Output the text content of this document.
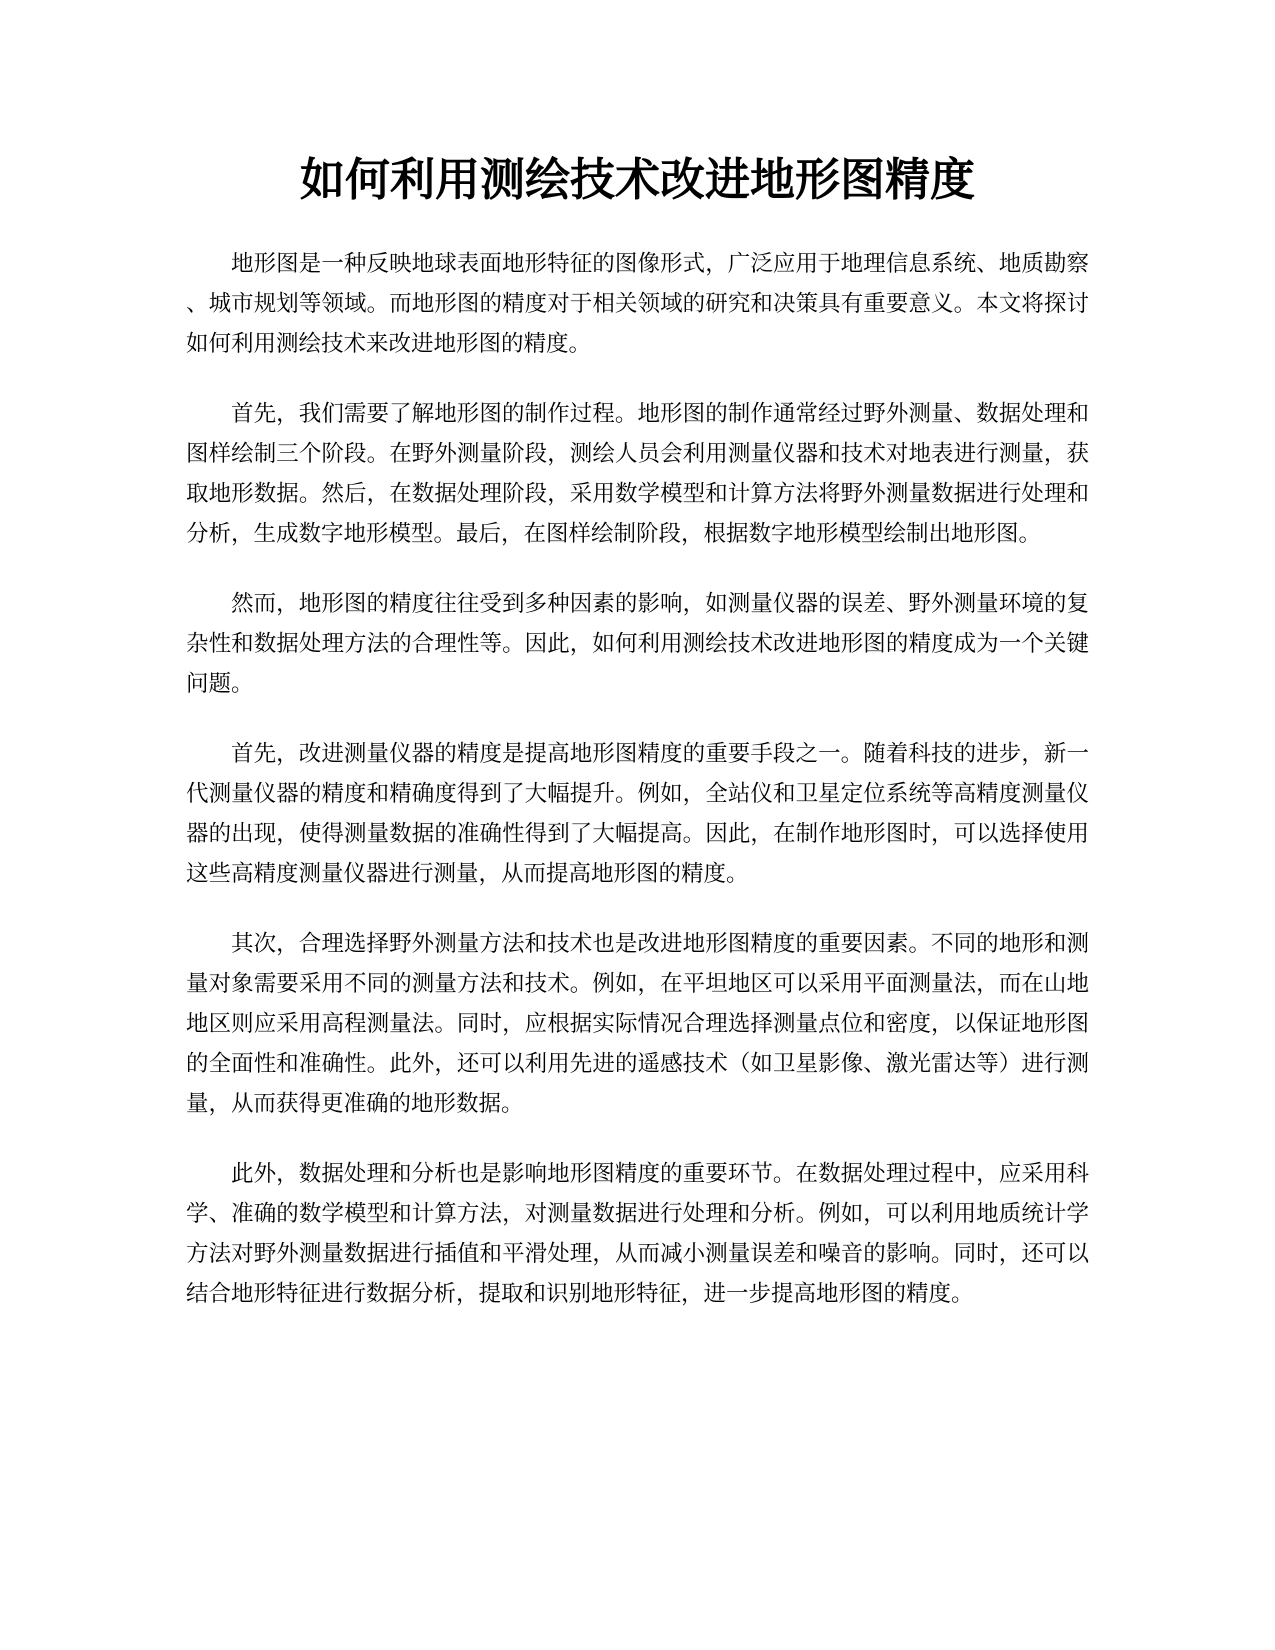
如何利用测绘技术改进地形图精度

地形图是一种反映地球表面地形特征的图像形式，广泛应用于地理信息系统、地质勘察、城市规划等领域。而地形图的精度对于相关领域的研究和决策具有重要意义。本文将探讨如何利用测绘技术来改进地形图的精度。

首先，我们需要了解地形图的制作过程。地形图的制作通常经过野外测量、数据处理和图样绘制三个阶段。在野外测量阶段，测绘人员会利用测量仪器和技术对地表进行测量，获取地形数据。然后，在数据处理阶段，采用数学模型和计算方法将野外测量数据进行处理和分析，生成数字地形模型。最后，在图样绘制阶段，根据数字地形模型绘制出地形图。

然而，地形图的精度往往受到多种因素的影响，如测量仪器的误差、野外测量环境的复杂性和数据处理方法的合理性等。因此，如何利用测绘技术改进地形图的精度成为一个关键问题。

首先，改进测量仪器的精度是提高地形图精度的重要手段之一。随着科技的进步，新一代测量仪器的精度和精确度得到了大幅提升。例如，全站仪和卫星定位系统等高精度测量仪器的出现，使得测量数据的准确性得到了大幅提高。因此，在制作地形图时，可以选择使用这些高精度测量仪器进行测量，从而提高地形图的精度。

其次，合理选择野外测量方法和技术也是改进地形图精度的重要因素。不同的地形和测量对象需要采用不同的测量方法和技术。例如，在平坦地区可以采用平面测量法，而在山地地区则应采用高程测量法。同时，应根据实际情况合理选择测量点位和密度，以保证地形图的全面性和准确性。此外，还可以利用先进的遥感技术（如卫星影像、激光雷达等）进行测量，从而获得更准确的地形数据。

此外，数据处理和分析也是影响地形图精度的重要环节。在数据处理过程中，应采用科学、准确的数学模型和计算方法，对测量数据进行处理和分析。例如，可以利用地质统计学方法对野外测量数据进行插值和平滑处理，从而减小测量误差和噪音的影响。同时，还可以结合地形特征进行数据分析，提取和识别地形特征，进一步提高地形图的精度。
